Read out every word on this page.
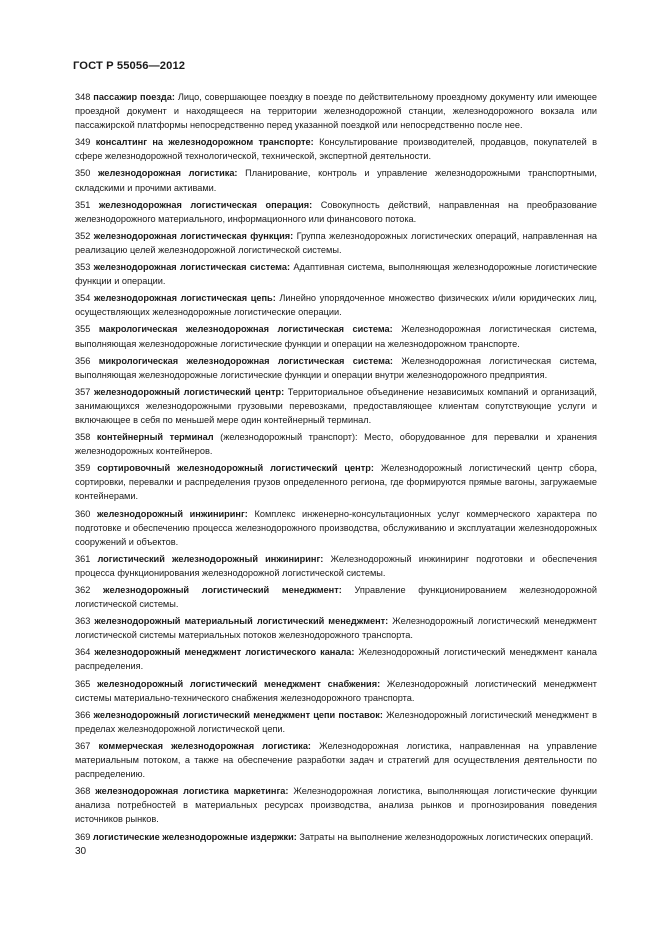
ГОСТ Р 55056—2012

348 пассажир поезда: Лицо, совершающее поездку в поезде по действительному проездному документу или имеющее проездной документ и находящееся на территории железнодорожной станции, железнодорожного вокзала или пассажирской платформы непосредственно перед указанной поездкой или непосредственно после нее.

349 консалтинг на железнодорожном транспорте: Консультирование производителей, продавцов, покупателей в сфере железнодорожной технологической, технической, экспертной деятельности.

350 железнодорожная логистика: Планирование, контроль и управление железнодорожными транспортными, складскими и прочими активами.

351 железнодорожная логистическая операция: Совокупность действий, направленная на преобразование железнодорожного материального, информационного или финансового потока.

352 железнодорожная логистическая функция: Группа железнодорожных логистических операций, направленная на реализацию целей железнодорожной логистической системы.

353 железнодорожная логистическая система: Адаптивная система, выполняющая железнодорожные логистические функции и операции.

354 железнодорожная логистическая цепь: Линейно упорядоченное множество физических и/или юридических лиц, осуществляющих железнодорожные логистические операции.

355 макрологическая железнодорожная логистическая система: Железнодорожная логистическая система, выполняющая железнодорожные логистические функции и операции на железнодорожном транспорте.

356 микрологическая железнодорожная логистическая система: Железнодорожная логистическая система, выполняющая железнодорожные логистические функции и операции внутри железнодорожного предприятия.

357 железнодорожный логистический центр: Территориальное объединение независимых компаний и организаций, занимающихся железнодорожными грузовыми перевозками, предоставляющее клиентам сопутствующие услуги и включающее в себя по меньшей мере один контейнерный терминал.

358 контейнерный терминал (железнодорожный транспорт): Место, оборудованное для перевалки и хранения железнодорожных контейнеров.

359 сортировочный железнодорожный логистический центр: Железнодорожный логистический центр сбора, сортировки, перевалки и распределения грузов определенного региона, где формируются прямые вагоны, загружаемые контейнерами.

360 железнодорожный инжиниринг: Комплекс инженерно-консультационных услуг коммерческого характера по подготовке и обеспечению процесса железнодорожного производства, обслуживанию и эксплуатации железнодорожных сооружений и объектов.

361 логистический железнодорожный инжиниринг: Железнодорожный инжиниринг подготовки и обеспечения процесса функционирования железнодорожной логистической системы.

362 железнодорожный логистический менеджмент: Управление функционированием железнодорожной логистической системы.

363 железнодорожный материальный логистический менеджмент: Железнодорожный логистический менеджмент логистической системы материальных потоков железнодорожного транспорта.

364 железнодорожный менеджмент логистического канала: Железнодорожный логистический менеджмент канала распределения.

365 железнодорожный логистический менеджмент снабжения: Железнодорожный логистический менеджмент системы материально-технического снабжения железнодорожного транспорта.

366 железнодорожный логистический менеджмент цепи поставок: Железнодорожный логистический менеджмент в пределах железнодорожной логистической цепи.

367 коммерческая железнодорожная логистика: Железнодорожная логистика, направленная на управление материальным потоком, а также на обеспечение разработки задач и стратегий для осуществления деятельности по распределению.

368 железнодорожная логистика маркетинга: Железнодорожная логистика, выполняющая логистические функции анализа потребностей в материальных ресурсах производства, анализа рынков и прогнозирования поведения источников рынков.

369 логистические железнодорожные издержки: Затраты на выполнение железнодорожных логистических операций.

30
